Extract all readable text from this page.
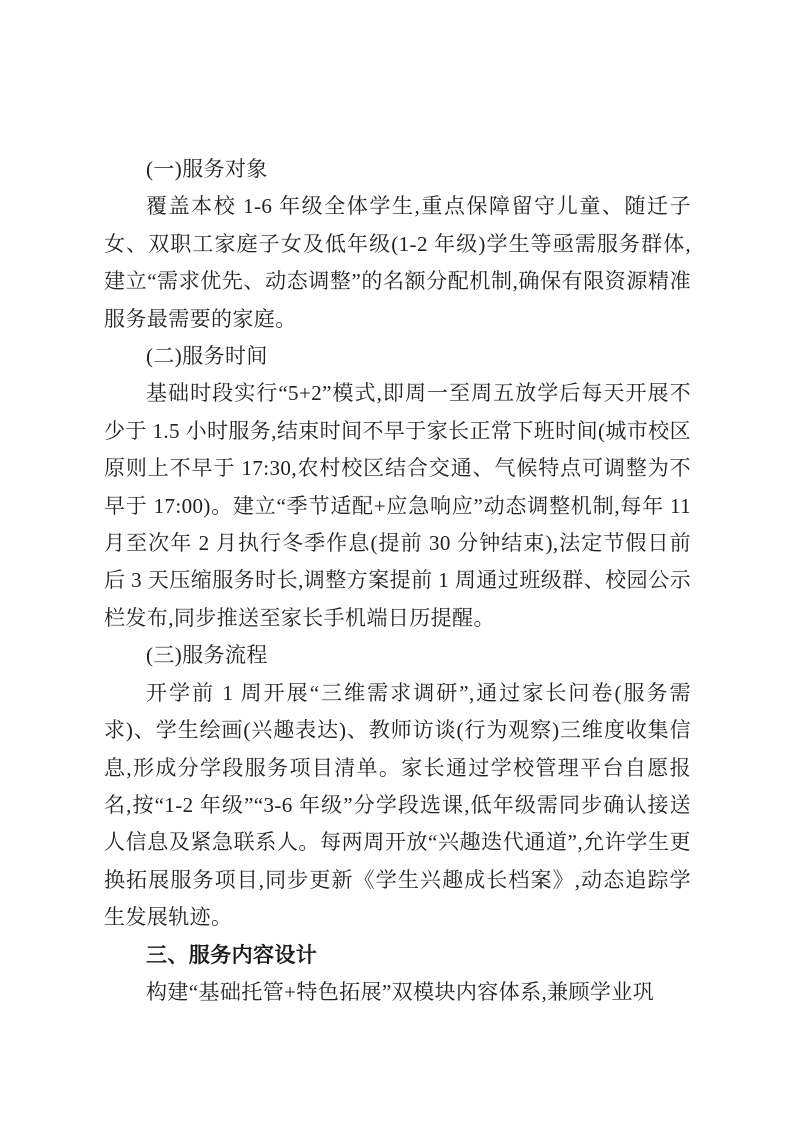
(一)服务对象

覆盖本校 1-6 年级全体学生,重点保障留守儿童、随迁子女、双职工家庭子女及低年级(1-2 年级)学生等亟需服务群体,建立“需求优先、动态调整”的名额分配机制,确保有限资源精准服务最需要的家庭。

(二)服务时间

基础时段实行“5+2”模式,即周一至周五放学后每天开展不少于 1.5 小时服务,结束时间不早于家长正常下班时间(城市校区原则上不早于 17:30,农村校区结合交通、气候特点可调整为不早于 17:00)。建立“季节适配+应急响应”动态调整机制,每年 11 月至次年 2 月执行冬季作息(提前 30 分钟结束),法定节假日前后 3 天压缩服务时长,调整方案提前 1 周通过班级群、校园公示栏发布,同步推送至家长手机端日历提醒。

(三)服务流程

开学前 1 周开展“三维需求调研”,通过家长问卷(服务需求)、学生绘画(兴趣表达)、教师访谈(行为观察)三维度收集信息,形成分学段服务项目清单。家长通过学校管理平台自愿报名,按“1-2 年级”“3-6 年级”分学段选课,低年级需同步确认接送人信息及紧急联系人。每两周开放“兴趣迭代通道”,允许学生更换拓展服务项目,同步更新《学生兴趣成长档案》,动态追踪学生发展轨迹。

三、服务内容设计

构建“基础托管+特色拓展”双模块内容体系,兼顾学业巩
